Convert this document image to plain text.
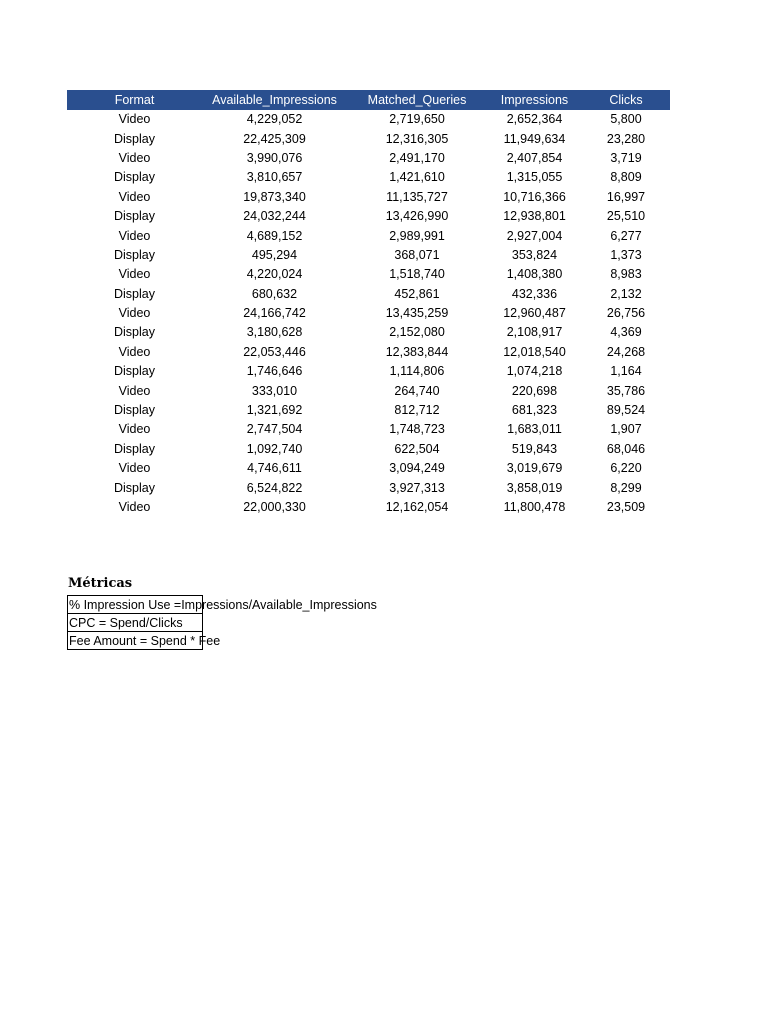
Format	Available_Impressions	Matched_Queries	Impressions	Clicks
Video	4,229,052	2,719,650	2,652,364	5,800
Display	22,425,309	12,316,305	11,949,634	23,280
Video	3,990,076	2,491,170	2,407,854	3,719
Display	3,810,657	1,421,610	1,315,055	8,809
Video	19,873,340	11,135,727	10,716,366	16,997
Display	24,032,244	13,426,990	12,938,801	25,510
Video	4,689,152	2,989,991	2,927,004	6,277
Display	495,294	368,071	353,824	1,373
Video	4,220,024	1,518,740	1,408,380	8,983
Display	680,632	452,861	432,336	2,132
Video	24,166,742	13,435,259	12,960,487	26,756
Display	3,180,628	2,152,080	2,108,917	4,369
Video	22,053,446	12,383,844	12,018,540	24,268
Display	1,746,646	1,114,806	1,074,218	1,164
Video	333,010	264,740	220,698	35,786
Display	1,321,692	812,712	681,323	89,524
Video	2,747,504	1,748,723	1,683,011	1,907
Display	1,092,740	622,504	519,843	68,046
Video	4,746,611	3,094,249	3,019,679	6,220
Display	6,524,822	3,927,313	3,858,019	8,299
Video	22,000,330	12,162,054	11,800,478	23,509
Métricas
% Impression Use =Impressions/Available_Impressions
CPC = Spend/Clicks
Fee Amount = Spend * Fee
